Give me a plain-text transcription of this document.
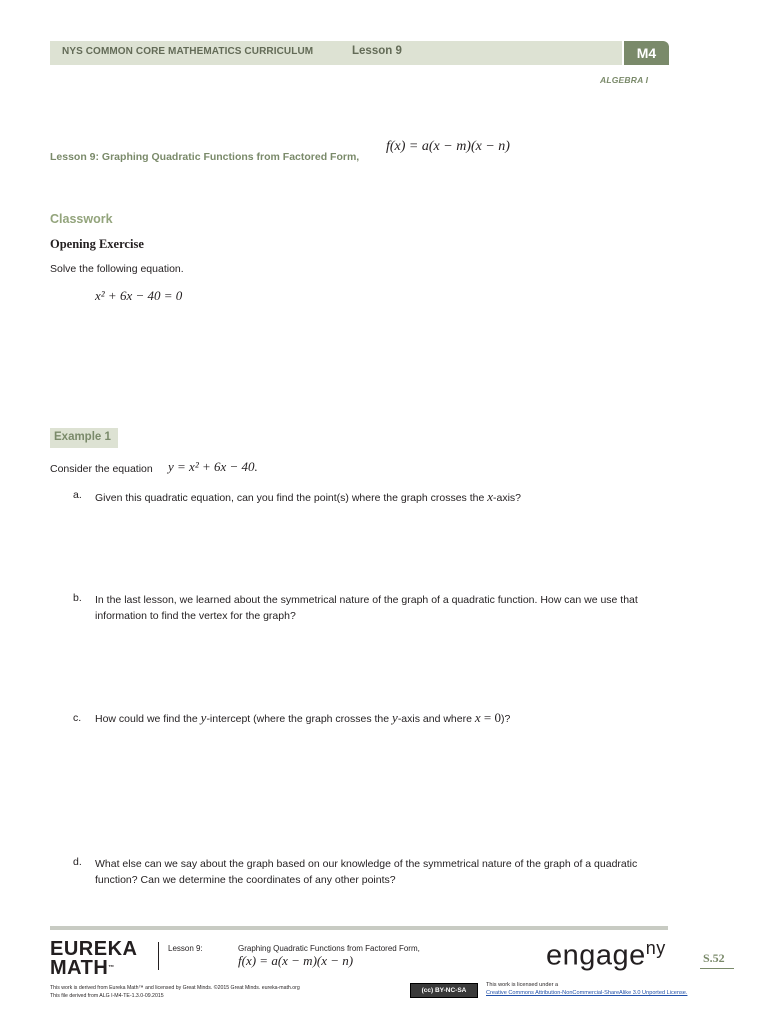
NYS COMMON CORE MATHEMATICS CURRICULUM	Lesson 9	M4
ALGEBRA I
Lesson 9: Graphing Quadratic Functions from Factored Form,
f(x) = a(x − m)(x − n)
Classwork
Opening Exercise
Solve the following equation.
x² + 6x − 40 = 0
Example 1
Consider the equation y = x² + 6x − 40.
a. Given this quadratic equation, can you find the point(s) where the graph crosses the x-axis?
b. In the last lesson, we learned about the symmetrical nature of the graph of a quadratic function. How can we use that information to find the vertex for the graph?
c. How could we find the y-intercept (where the graph crosses the y-axis and where x = 0)?
d. What else can we say about the graph based on our knowledge of the symmetrical nature of the graph of a quadratic function? Can we determine the coordinates of any other points?
EUREKA
MATH™
Lesson 9:	Graphing Quadratic Functions from Factored Form,
f(x) = a(x − m)(x − n)	engage$^{ny}$	S.52
This work is derived from Eureka Math™ and licensed by Great Minds. ©2015 Great Minds. eureka-math.org
This file derived from ALG I-M4-TE-1.3.0-09.2015
(cc) BY-NC-SA
This work is licensed under a
Creative Commons Attribution-NonCommercial-ShareAlike 3.0 Unported License.
